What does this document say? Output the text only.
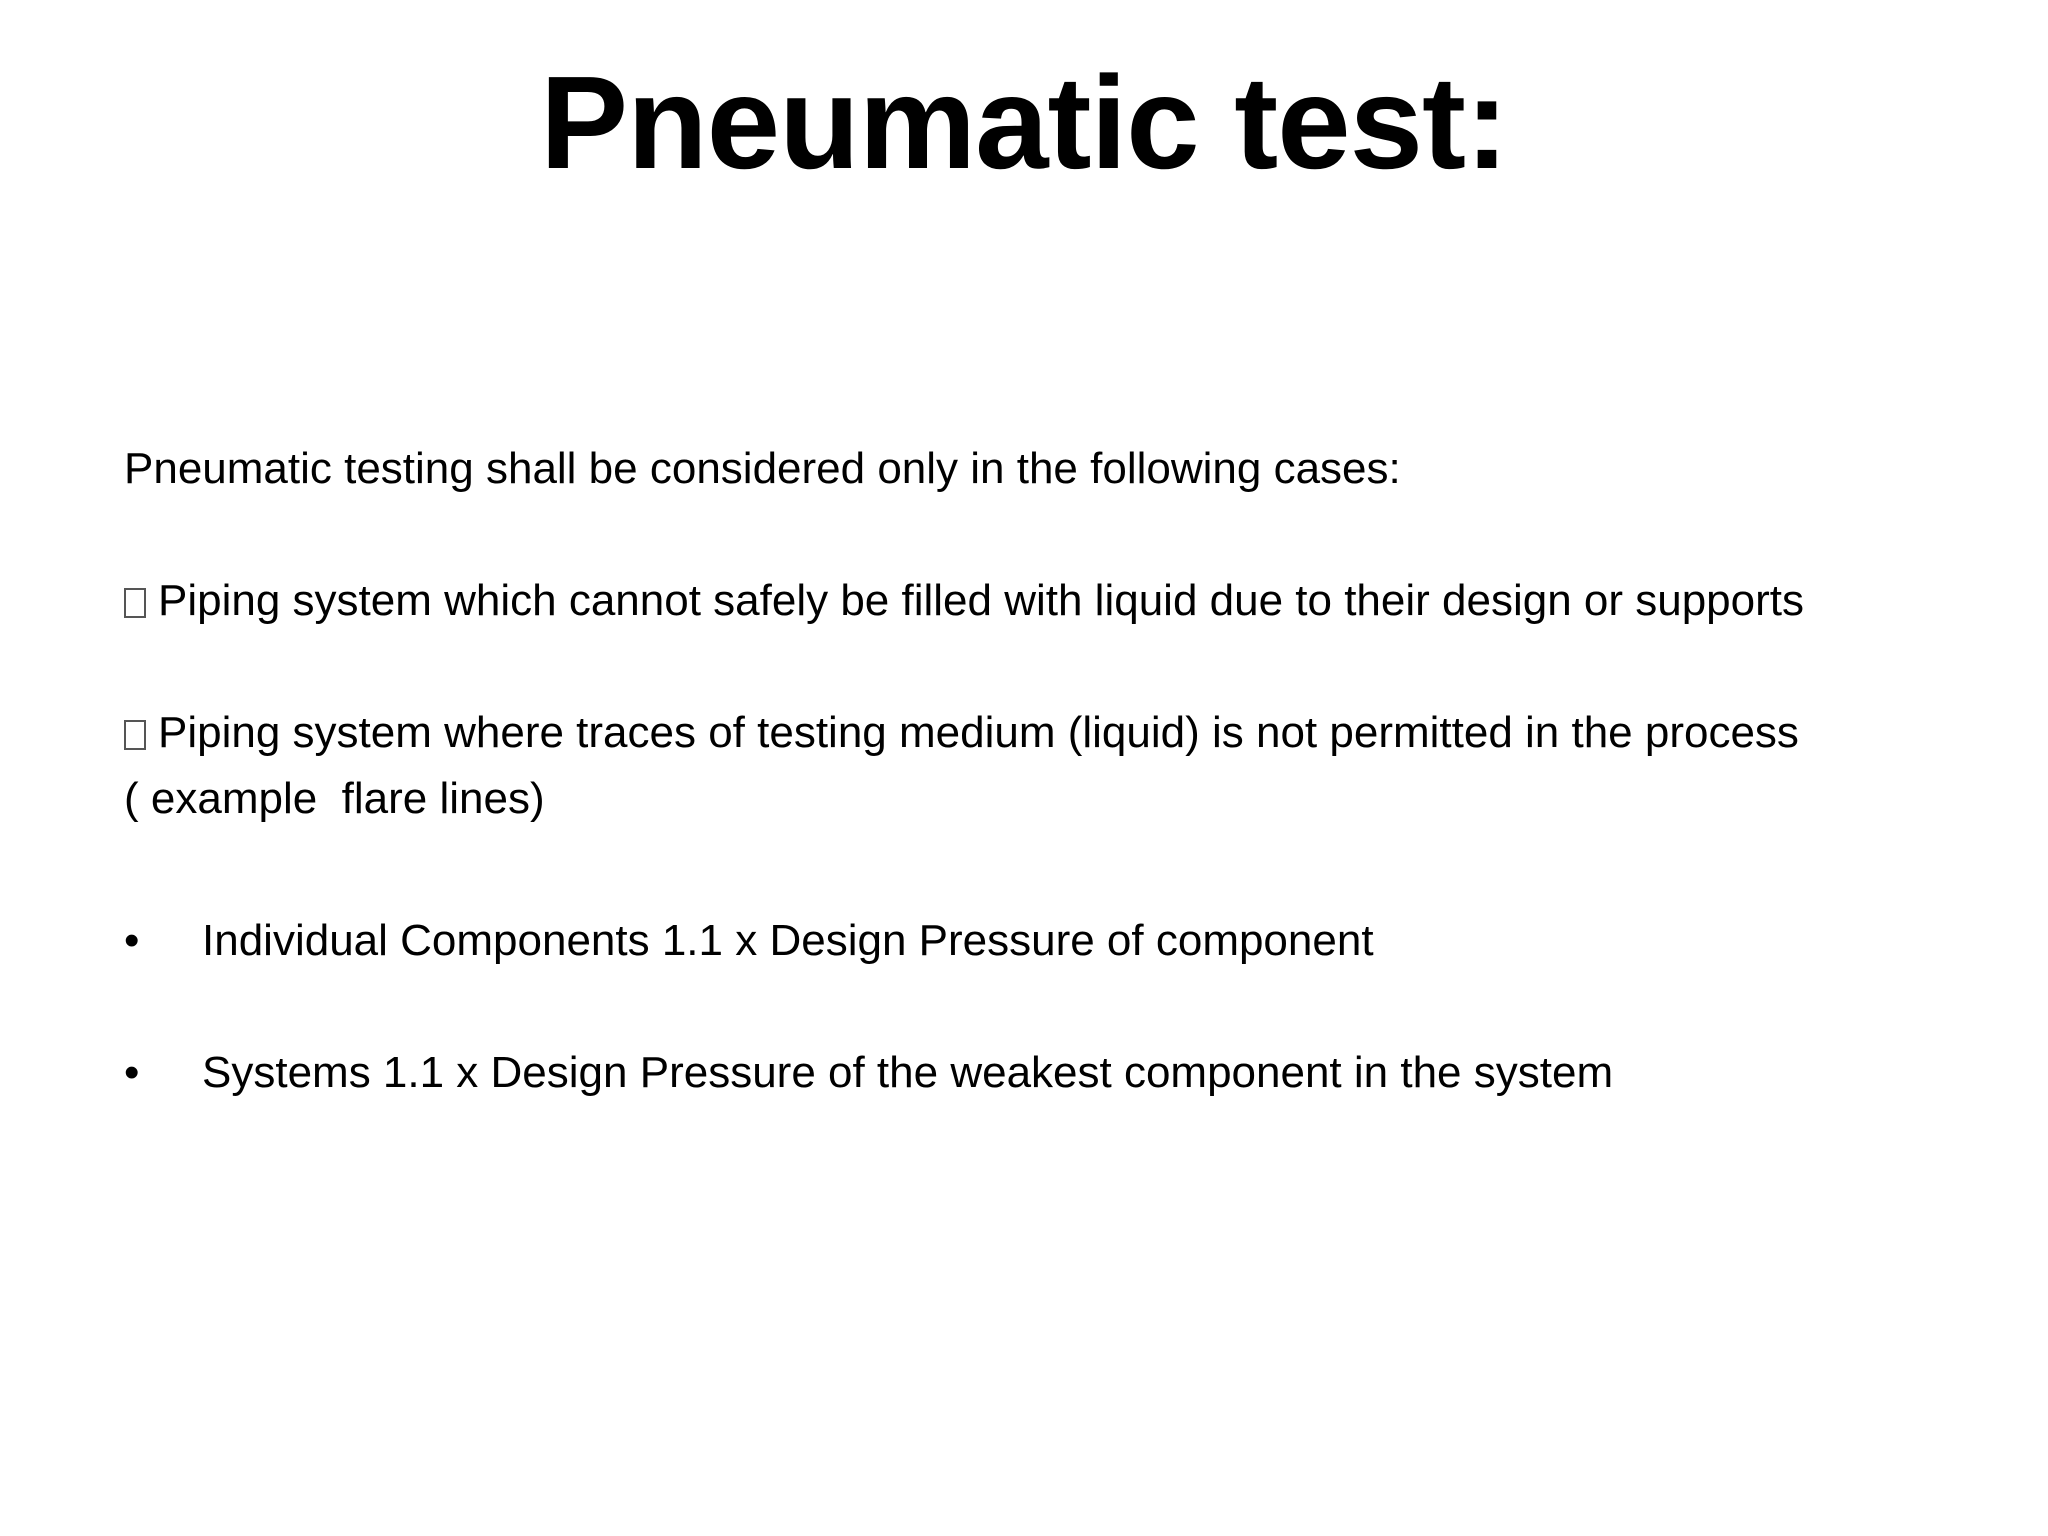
Pneumatic test:
Pneumatic testing shall be considered only in the following cases:
Piping system which cannot safely be filled with liquid due to their design or supports
Piping system where traces of testing medium (liquid) is not permitted in the process
( example  flare lines)
• Individual Components 1.1 x Design Pressure of component
• Systems 1.1 x Design Pressure of the weakest component in the system
